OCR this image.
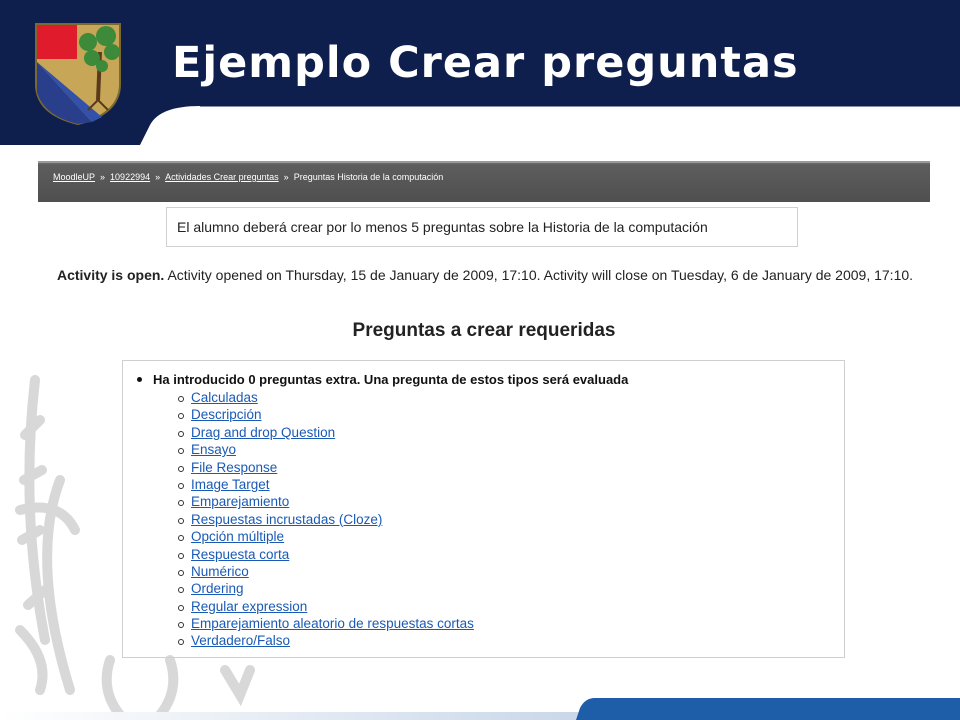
Ejemplo Crear preguntas
MoodleUP » 10922994 » Actividades Crear preguntas » Preguntas Historia de la computación
El alumno deberá crear por lo menos 5 preguntas sobre la Historia de la computación
Activity is open. Activity opened on Thursday, 15 de January de 2009, 17:10. Activity will close on Tuesday, 6 de January de 2009, 17:10.
Preguntas a crear requeridas
Ha introducido 0 preguntas extra. Una pregunta de estos tipos será evaluada
Calculadas
Descripción
Drag and drop Question
Ensayo
File Response
Image Target
Emparejamiento
Respuestas incrustadas (Cloze)
Opción múltiple
Respuesta corta
Numérico
Ordering
Regular expression
Emparejamiento aleatorio de respuestas cortas
Verdadero/Falso
